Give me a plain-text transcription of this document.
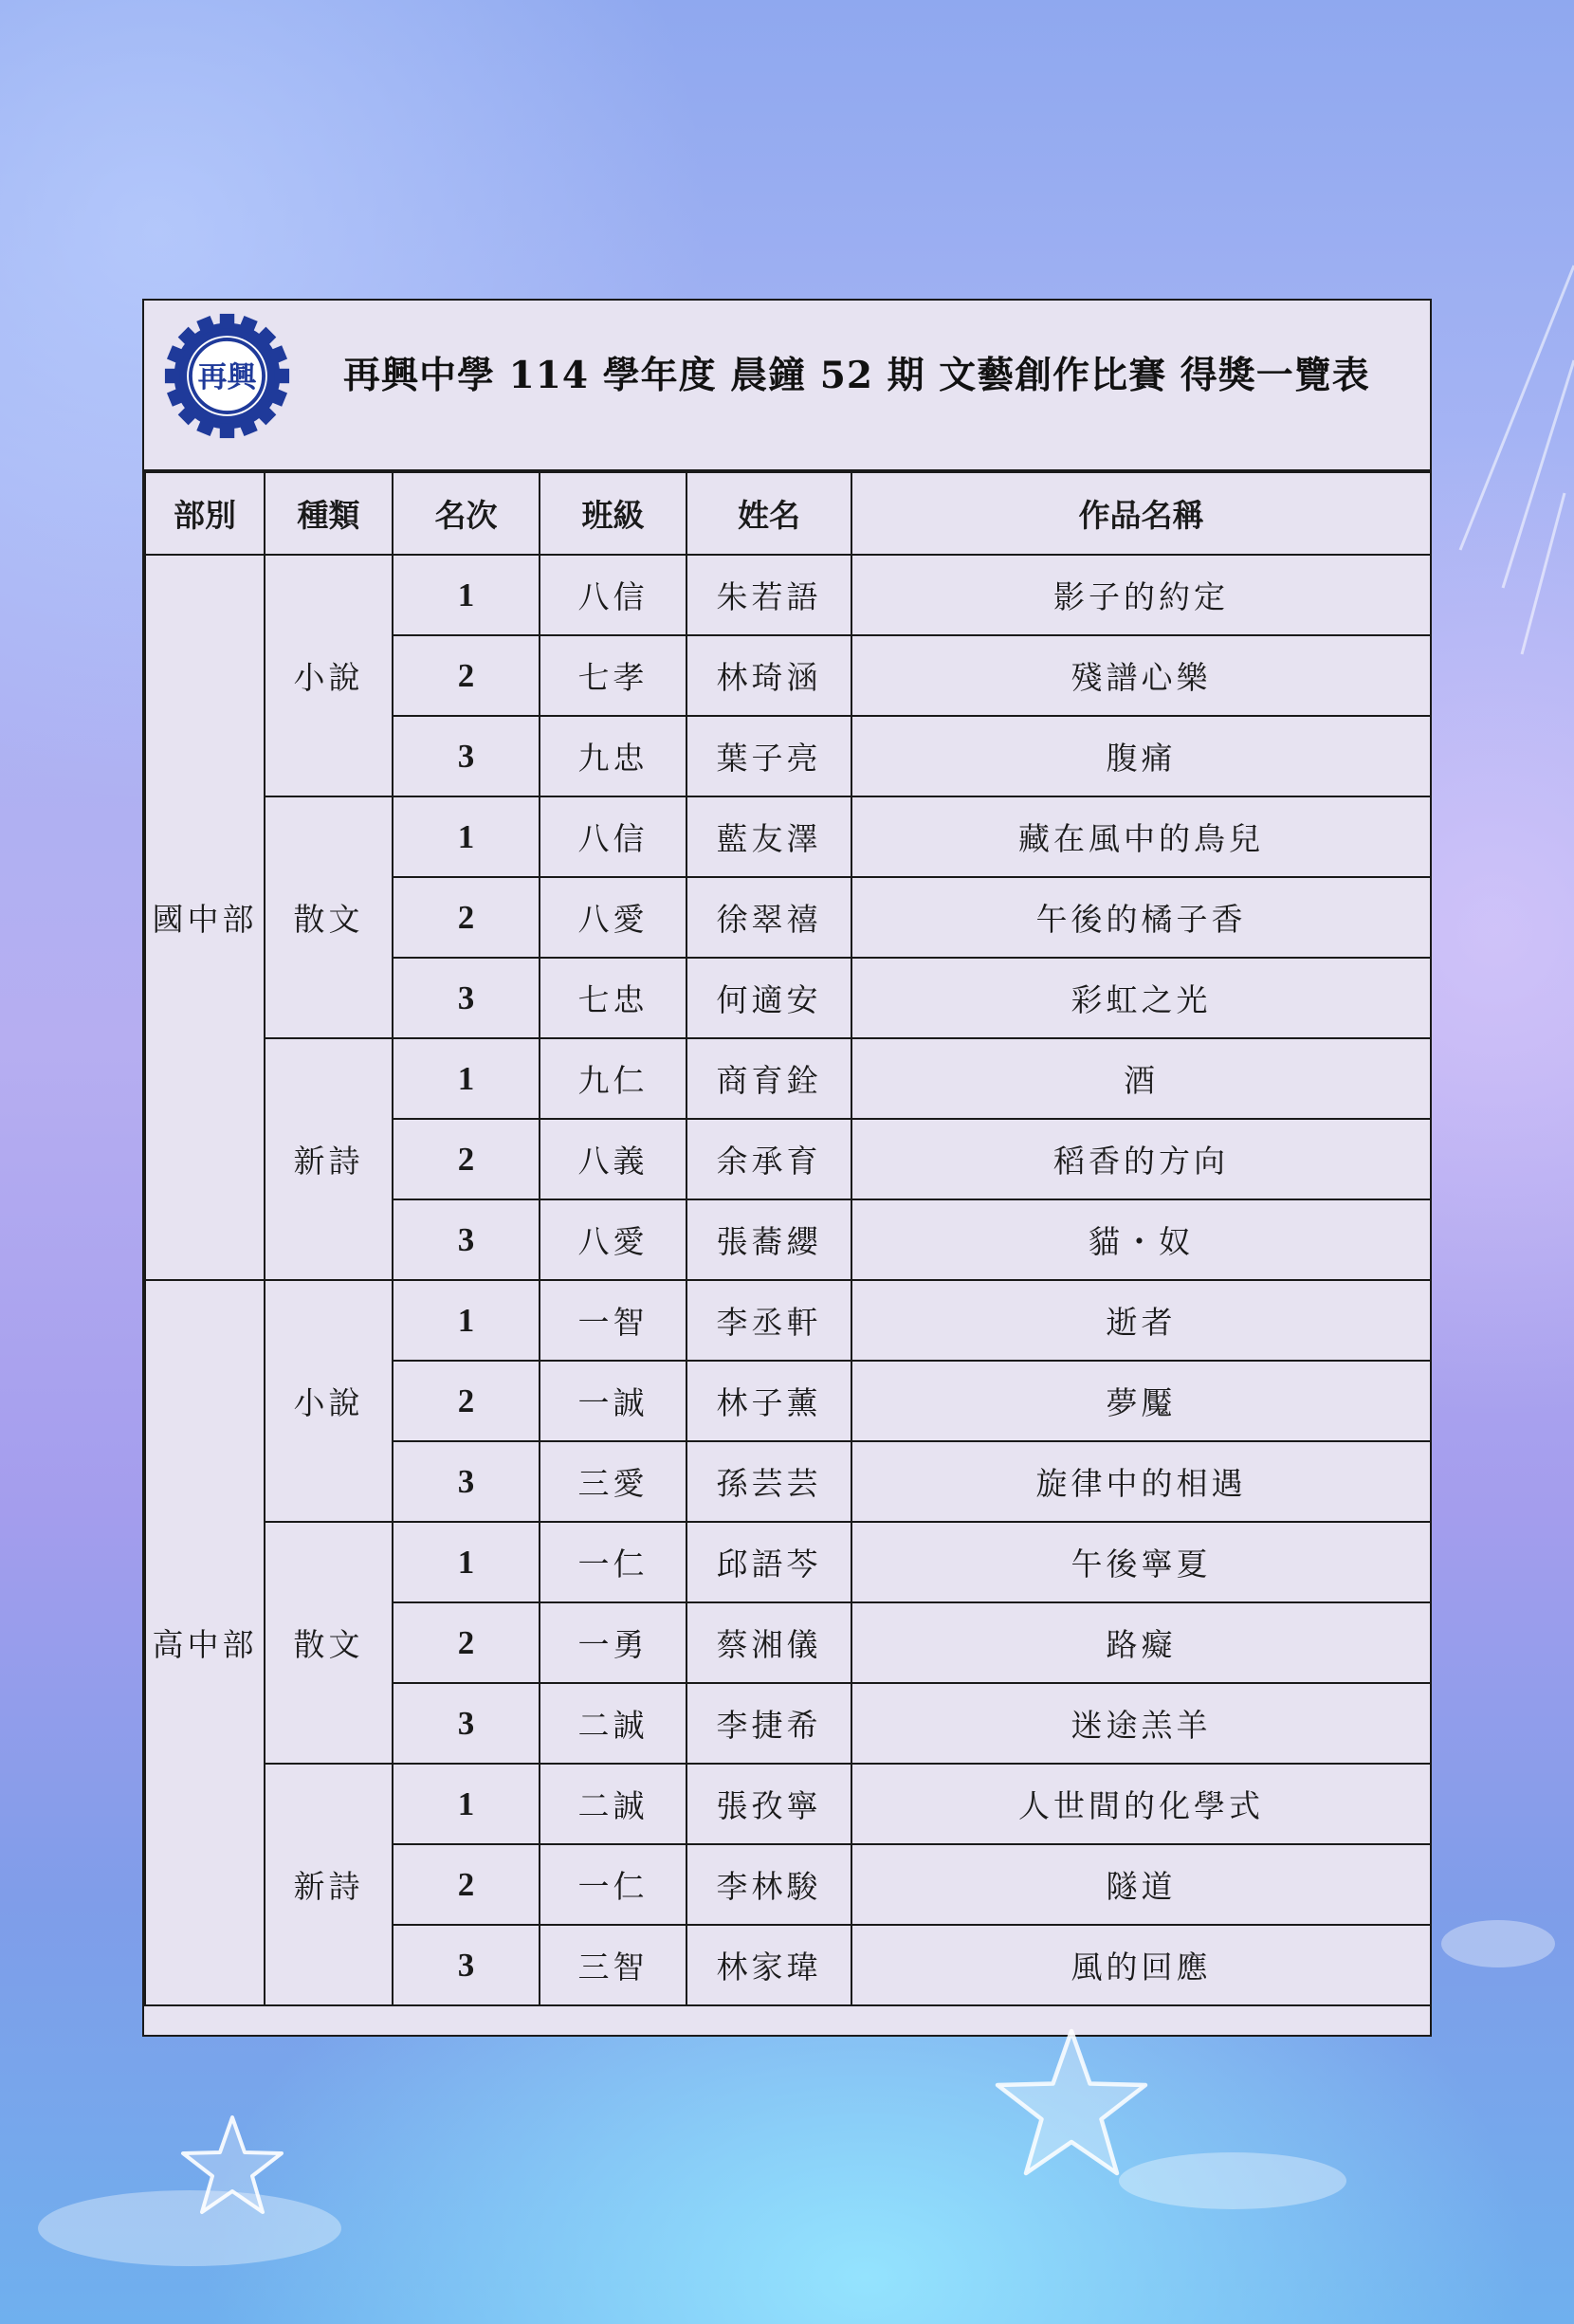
再興 再興中學 114 學年度 晨鐘 52 期 文藝創作比賽 得獎一覽表
部別	種類	名次	班級	姓名	作品名稱
國中部	小說	1	八信	朱若語	影子的約定
		2	七孝	林琦涵	殘譜心樂
		3	九忠	葉子亮	腹痛
	散文	1	八信	藍友澤	藏在風中的鳥兒
		2	八愛	徐翠禧	午後的橘子香
		3	七忠	何適安	彩虹之光
	新詩	1	九仁	商育銓	酒
		2	八義	余承育	稻香的方向
		3	八愛	張蕎纓	貓・奴
高中部	小說	1	一智	李丞軒	逝者
		2	一誠	林子薰	夢魘
		3	三愛	孫芸芸	旋律中的相遇
	散文	1	一仁	邱語芩	午後寧夏
		2	一勇	蔡湘儀	路癡
		3	二誠	李捷希	迷途羔羊
	新詩	1	二誠	張孜寧	人世間的化學式
		2	一仁	李林駿	隧道
		3	三智	林家瑋	風的回應
